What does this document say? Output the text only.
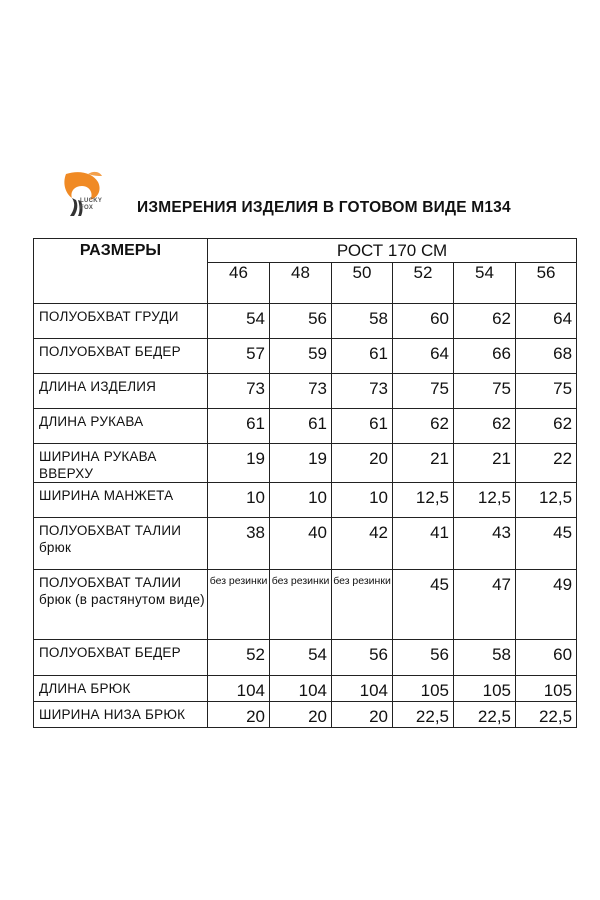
LUCKY
FOX	ИЗМЕРЕНИЯ ИЗДЕЛИЯ В ГОТОВОМ ВИДЕ М134
РАЗМЕРЫ	РОСТ 170 СМ					
	46	48	50	52	54	56
ПОЛУОБХВАТ ГРУДИ	54	56	58	60	62	64
ПОЛУОБХВАТ БЕДЕР	57	59	61	64	66	68
ДЛИНА ИЗДЕЛИЯ	73	73	73	75	75	75
ДЛИНА РУКАВА	61	61	61	62	62	62
ШИРИНА РУКАВА ВВЕРХУ	19	19	20	21	21	22
ШИРИНА МАНЖЕТА	10	10	10	12,5	12,5	12,5
ПОЛУОБХВАТ ТАЛИИ брюк	38	40	42	41	43	45
ПОЛУОБХВАТ ТАЛИИ брюк (в растянутом виде)	без резинки	без резинки	без резинки	45	47	49
ПОЛУОБХВАТ БЕДЕР	52	54	56	56	58	60
ДЛИНА БРЮК	104	104	104	105	105	105
ШИРИНА НИЗА БРЮК	20	20	20	22,5	22,5	22,5
